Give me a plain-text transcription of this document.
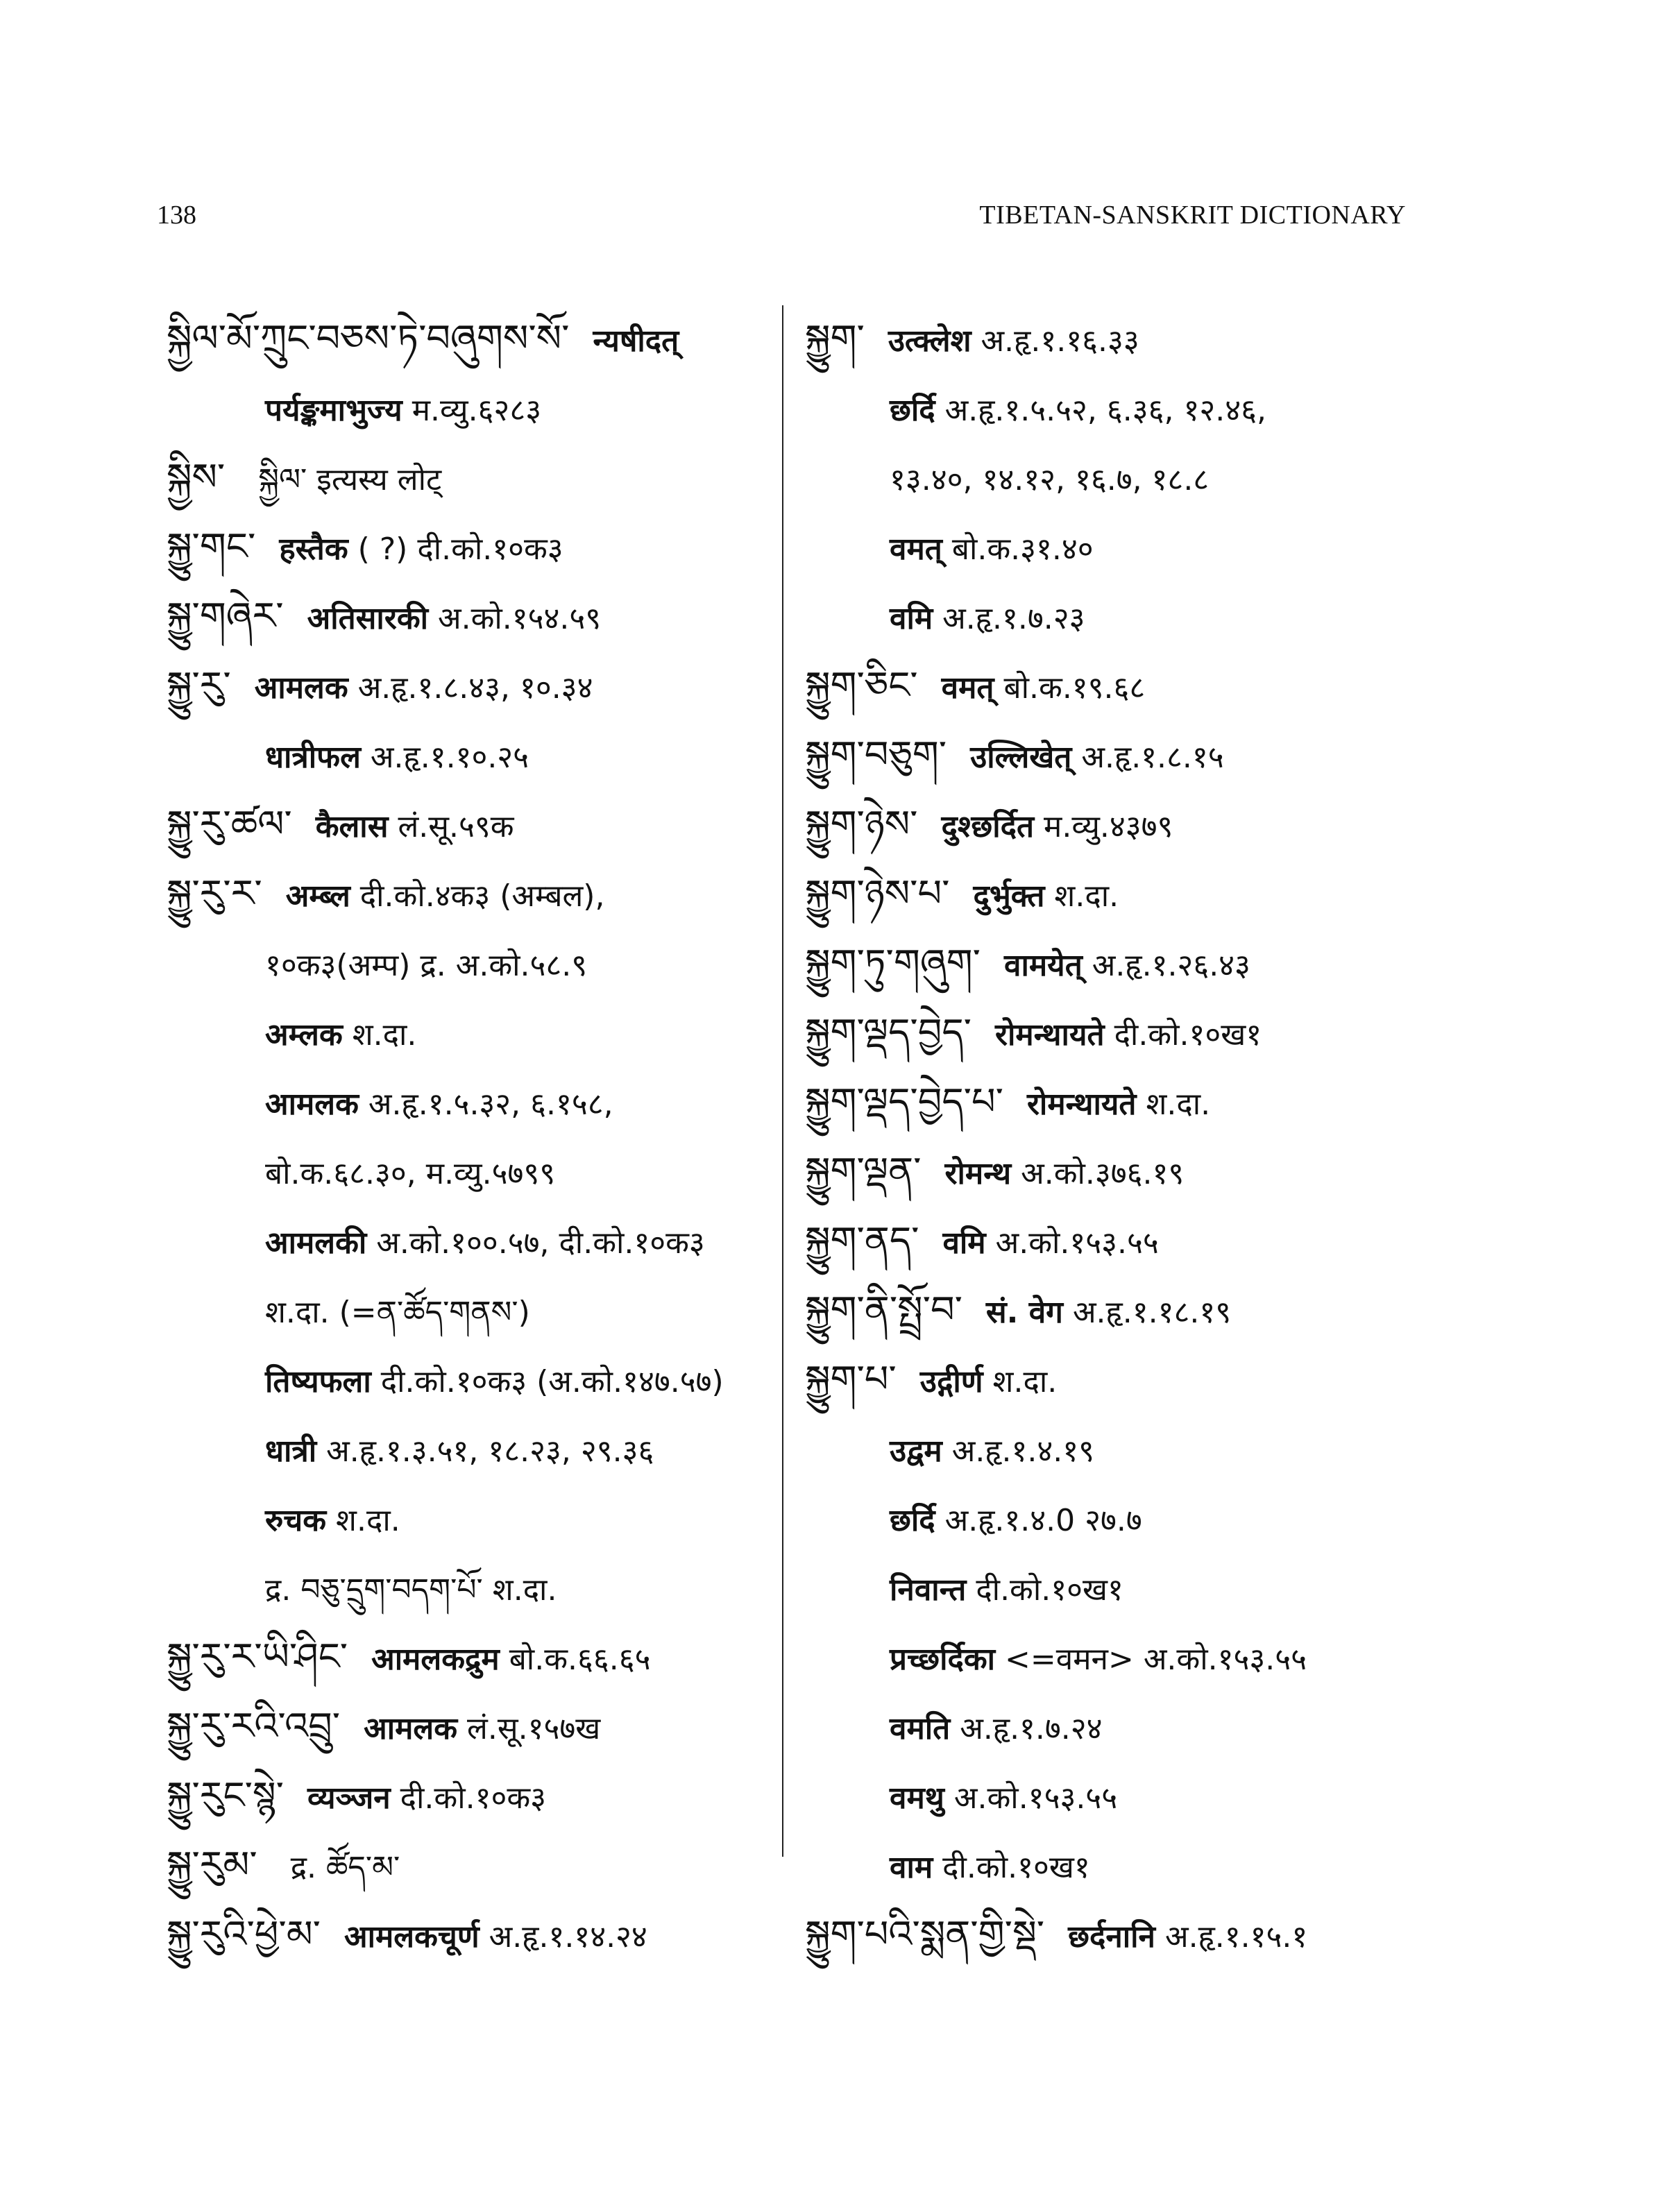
138	TIBETAN-SANSKRIT DICTIONARY
སྐྱིལ་མོ་ཀྲུང་བཅས་ཏེ་བཞུགས་སོ་ न्यषीदत्
पर्यङ्कमाभुज्य म.व्यु.६२८३
སྐྱིས་ སྐྱིལ་ इत्यस्य लोट्
སྐྱུ་གང་ हस्तैक ( ?) दी.को.१०क३
སྐྱུ་གཞེར་ अतिसारकी अ.को.१५४.५९
སྐྱུ་རུ་ आमलक अ.हृ.१.८.४३, १०.३४
धात्रीफल अ.हृ.१.१०.२५
སྐྱུ་རུ་ཚལ་ कैलास लं.सू.५९क
སྐྱུ་རུ་ར་ अम्ब्ल दी.को.४क३ (अम्बल),
१०क३(अम्प) द्र. अ.को.५८.९
अम्लक श.दा.
आमलक अ.हृ.१.५.३२, ६.१५८,
बो.क.६८.३०, म.व्यु.५७९९
आमलकी अ.को.१००.५७, दी.को.१०क३
श.दा. (=ན་ཚོད་གནས་)
तिष्यफला दी.को.१०क३ (अ.को.१४७.५७)
धात्री अ.हृ.१.३.५१, १८.२३, २९.३६
रुचक श.दा.
द्र. བཅུ་དྲུག་བདག་པོ་ श.दा.
སྐྱུ་རུ་ར་ཡི་ཤིང་ आमलकद्रुम बो.क.६६.६५
སྐྱུ་རུ་རའི་འབྲུ་ आमलक लं.सू.१५७ख
སྐྱུ་རུང་སྙེ་ व्यञ्जन दी.को.१०क३
སྐྱུ་རུམ་ द्र. ཚོད་མ་
སྐྱུ་རུའི་ཕྱེ་མ་ आमलकचूर्ण अ.हृ.१.१४.२४
སྐྱུག་ उत्क्लेश अ.हृ.१.१६.३३
छर्दि अ.हृ.१.५.५२, ६.३६, १२.४६,
१३.४०, १४.१२, १६.७, १८.८
वमत् बो.क.३१.४०
वमि अ.हृ.१.७.२३
སྐྱུག་ཅིང་ वमत् बो.क.१९.६८
སྐྱུག་བཅུག་ उल्लिखेत् अ.हृ.१.८.१५
སྐྱུག་ཉེས་ दुश्छर्दित म.व्यु.४३७९
སྐྱུག་ཉེས་པ་ दुर्भुक्त श.दा.
སྐྱུག་ཏུ་གཞུག་ वामयेत् अ.हृ.१.२६.४३
སྐྱུག་ལྡད་བྱེད་ रोमन्थायते दी.को.१०ख१
སྐྱུག་ལྡད་བྱེད་པ་ रोमन्थायते श.दा.
སྐྱུག་ལྡན་ रोमन्थ अ.को.३७६.१९
སྐྱུག་ནད་ वमि अ.को.१५३.५५
སྐྱུག་ནི་སྤྲོ་བ་ सं. वेग अ.हृ.१.१८.१९
སྐྱུག་པ་ उद्गीर्ण श.दा.
उद्वम अ.हृ.१.४.१९
छर्दि अ.हृ.१.४.0 २७.७
निवान्त दी.को.१०ख१
प्रच्छर्दिका <=वमन> अ.को.१५३.५५
वमति अ.हृ.१.७.२४
वमथु अ.को.१५३.५५
वाम दी.को.१०ख१
སྐྱུག་པའི་སྨན་གྱི་སྡེ་ छर्दनानि अ.हृ.१.१५.१
